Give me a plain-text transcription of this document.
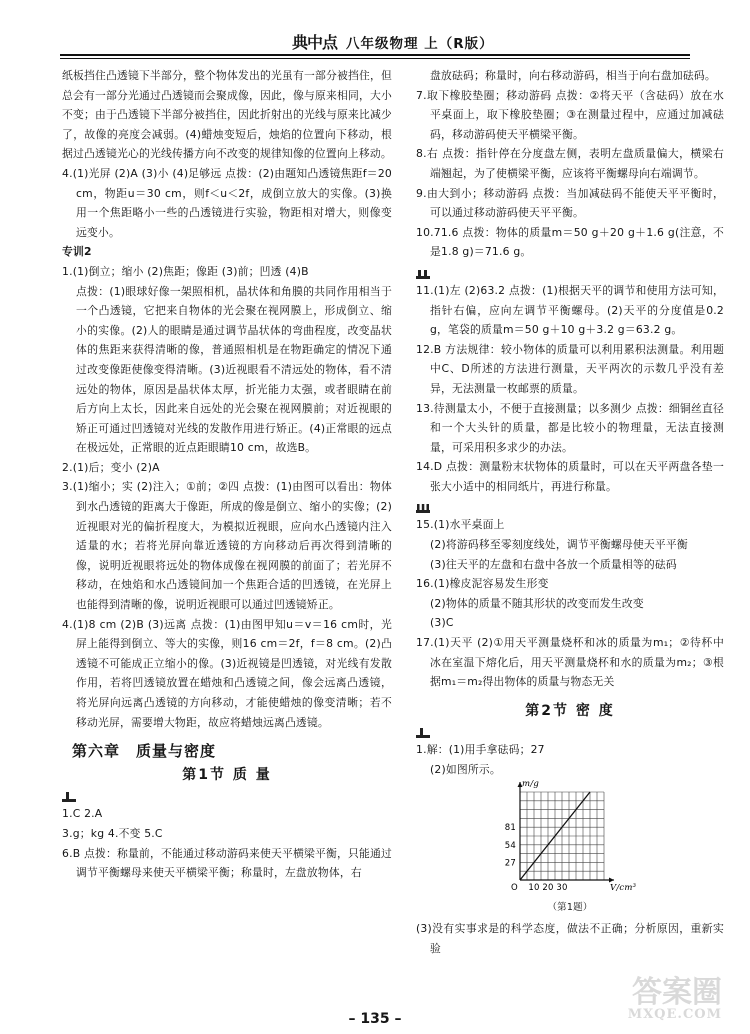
典中点 八年级物理 上（R版）

纸板挡住凸透镜下半部分，整个物体发出的光虽有一部分被挡住，但总会有一部分光通过凸透镜而会聚成像，因此，像与原来相同，大小不变；由于凸透镜下半部分被挡住，因此折射出的光线与原来比减少了，故像的亮度会减弱。(4)蜡烛变短后，烛焰的位置向下移动，根据过凸透镜光心的光线传播方向不改变的规律知像的位置向上移动。

4.(1)光屏 (2)A (3)小 (4)足够远 点拨：(2)由题知凸透镜焦距f＝20 cm，物距u＝30 cm，则f＜u＜2f，成倒立放大的实像。(3)换用一个焦距略小一些的凸透镜进行实验，物距相对增大，则像变远变小。

专训2

1.(1)倒立；缩小 (2)焦距；像距 (3)前；凹透 (4)B

点拨：(1)眼球好像一架照相机，晶状体和角膜的共同作用相当于一个凸透镜，它把来自物体的光会聚在视网膜上，形成倒立、缩小的实像。(2)人的眼睛是通过调节晶状体的弯曲程度，改变晶状体的焦距来获得清晰的像，普通照相机是在物距确定的情况下通过改变像距使像变得清晰。(3)近视眼看不清远处的物体，看不清远处的物体，原因是晶状体太厚，折光能力太强，或者眼睛在前后方向上太长，因此来自远处的光会聚在视网膜前；对近视眼的矫正可通过凹透镜对光线的发散作用进行矫正。(4)正常眼的远点在极远处，正常眼的近点距眼睛10 cm，故选B。

2.(1)后；变小 (2)A

3.(1)缩小；实 (2)注入；①前；②四 点拨：(1)由图可以看出：物体到水凸透镜的距离大于像距，所成的像是倒立、缩小的实像；(2)近视眼对光的偏折程度大，为模拟近视眼，应向水凸透镜内注入适量的水；若将光屏向靠近透镜的方向移动后再次得到清晰的像，说明近视眼将远处的物体成像在视网膜的前面了；若光屏不移动，在烛焰和水凸透镜间加一个焦距合适的凹透镜，在光屏上也能得到清晰的像，说明近视眼可以通过凹透镜矫正。

4.(1)8 cm (2)B (3)远离 点拨：(1)由图甲知u＝v＝16 cm时，光屏上能得到倒立、等大的实像，则16 cm＝2f，f＝8 cm。(2)凸透镜不可能成正立缩小的像。(3)近视镜是凹透镜，对光线有发散作用，若将凹透镜放置在蜡烛和凸透镜之间，像会远离凸透镜，将光屏向远离凸透镜的方向移动，才能使蜡烛的像变清晰；若不移动光屏，需要增大物距，故应将蜡烛远离凸透镜。

第六章 质量与密度
第1节 质 量

1.C 2.A

3.g；kg 4.不变 5.C

6.B 点拨：称量前，不能通过移动游码来使天平横梁平衡，只能通过调节平衡螺母来使天平横梁平衡；称量时，左盘放物体，右

盘放砝码；称量时，向右移动游码，相当于向右盘加砝码。

7.取下橡胶垫圈；移动游码 点拨：②将天平（含砝码）放在水平桌面上，取下橡胶垫圈；③在测量过程中，应通过加减砝码，移动游码使天平横梁平衡。

8.右 点拨：指针停在分度盘左侧，表明左盘质量偏大，横梁右端翘起，为了使横梁平衡，应该将平衡螺母向右端调节。

9.由大到小；移动游码 点拨：当加减砝码不能使天平平衡时，可以通过移动游码使天平平衡。

10.71.6 点拨：物体的质量m＝50 g＋20 g＋1.6 g(注意，不是1.8 g)＝71.6 g。

11.(1)左 (2)63.2 点拨：(1)根据天平的调节和使用方法可知，指针右偏，应向左调节平衡螺母。(2)天平的分度值是0.2 g，笔袋的质量m＝50 g＋10 g＋3.2 g＝63.2 g。

12.B 方法规律：较小物体的质量可以利用累积法测量。利用题中C、D所述的方法进行测量，天平两次的示数几乎没有差异，无法测量一枚邮票的质量。

13.待测量太小，不便于直接测量；以多测少 点拨：细铜丝直径和一个大头针的质量，都是比较小的物理量，无法直接测量，可采用积多求少的办法。

14.D 点拨：测量粉末状物体的质量时，可以在天平两盘各垫一张大小适中的相同纸片，再进行称量。

15.(1)水平桌面上

(2)将游码移至零刻度线处，调节平衡螺母使天平平衡

(3)往天平的左盘和右盘中各放一个质量相等的砝码

16.(1)橡皮泥容易发生形变

(2)物体的质量不随其形状的改变而发生改变

(3)C

17.(1)天平 (2)①用天平测量烧杯和冰的质量为m₁；②待杯中冰在室温下熔化后，用天平测量烧杯和水的质量为m₂；③根据m₁＝m₂得出物体的质量与物态无关

第2节 密 度

1.解：(1)用手拿砝码；27

(2)如图所示。

m/g
V/cm³
O 10 20 30
27
54
81
（第1题）

(3)没有实事求是的科学态度，做法不正确；分析原因，重新实验

– 135 –
答案圈
MXQE.COM
